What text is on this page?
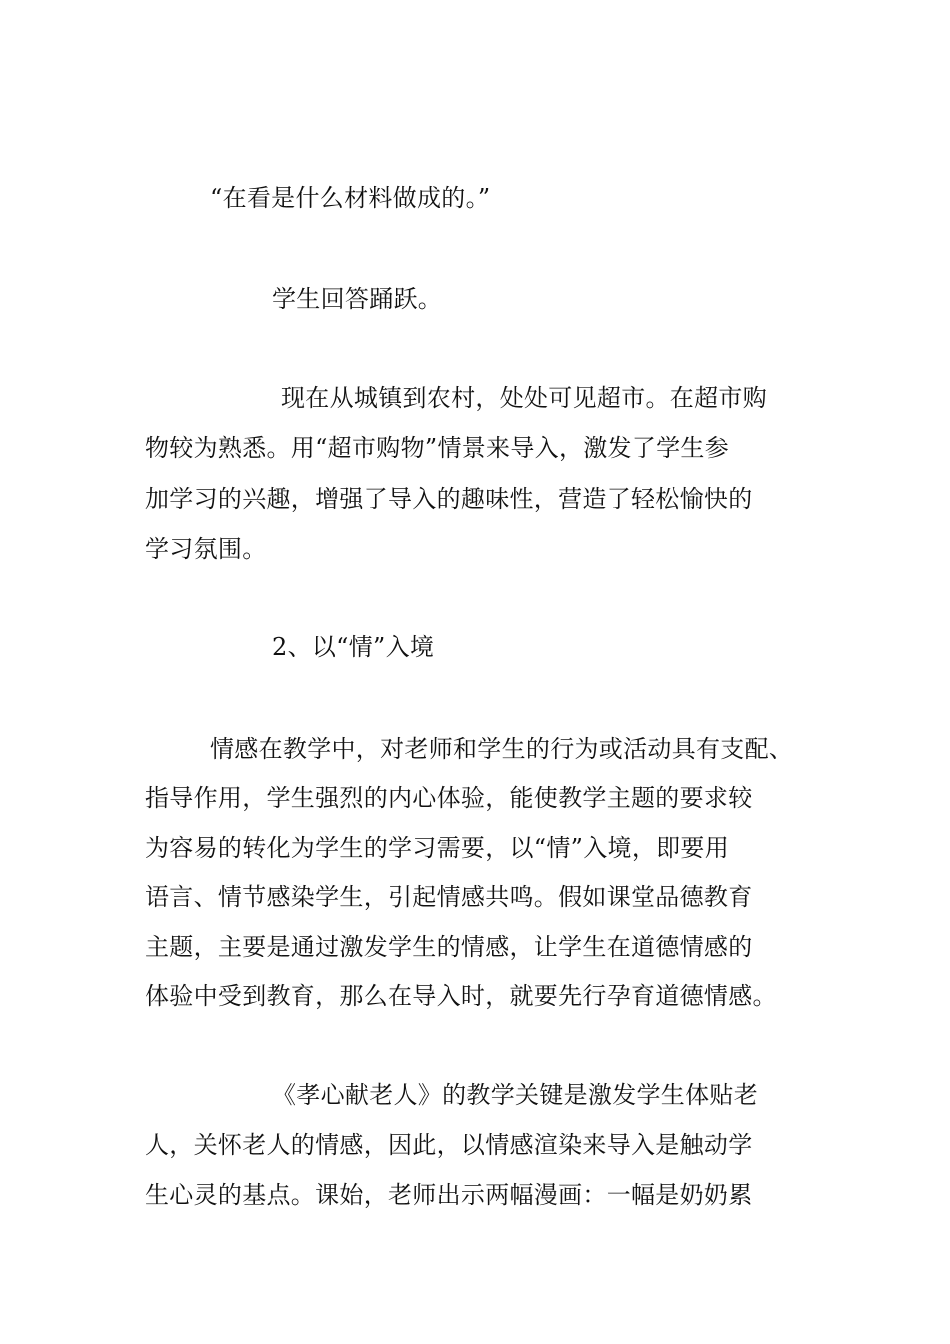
“在看是什么材料做成的。”
学生回答踊跃。
现在从城镇到农村，处处可见超市。在超市购
物较为熟悉。用“超市购物”情景来导入，激发了学生参
加学习的兴趣，增强了导入的趣味性，营造了轻松愉快的
学习氛围。
2、以“情”入境
情感在教学中，对老师和学生的行为或活动具有支配、
指导作用，学生强烈的内心体验，能使教学主题的要求较
为容易的转化为学生的学习需要，以“情”入境，即要用
语言、情节感染学生，引起情感共鸣。假如课堂品德教育
主题，主要是通过激发学生的情感，让学生在道德情感的
体验中受到教育，那么在导入时，就要先行孕育道德情感。
《孝心献老人》的教学关键是激发学生体贴老
人，关怀老人的情感，因此，以情感渲染来导入是触动学
生心灵的基点。课始，老师出示两幅漫画：一幅是奶奶累
